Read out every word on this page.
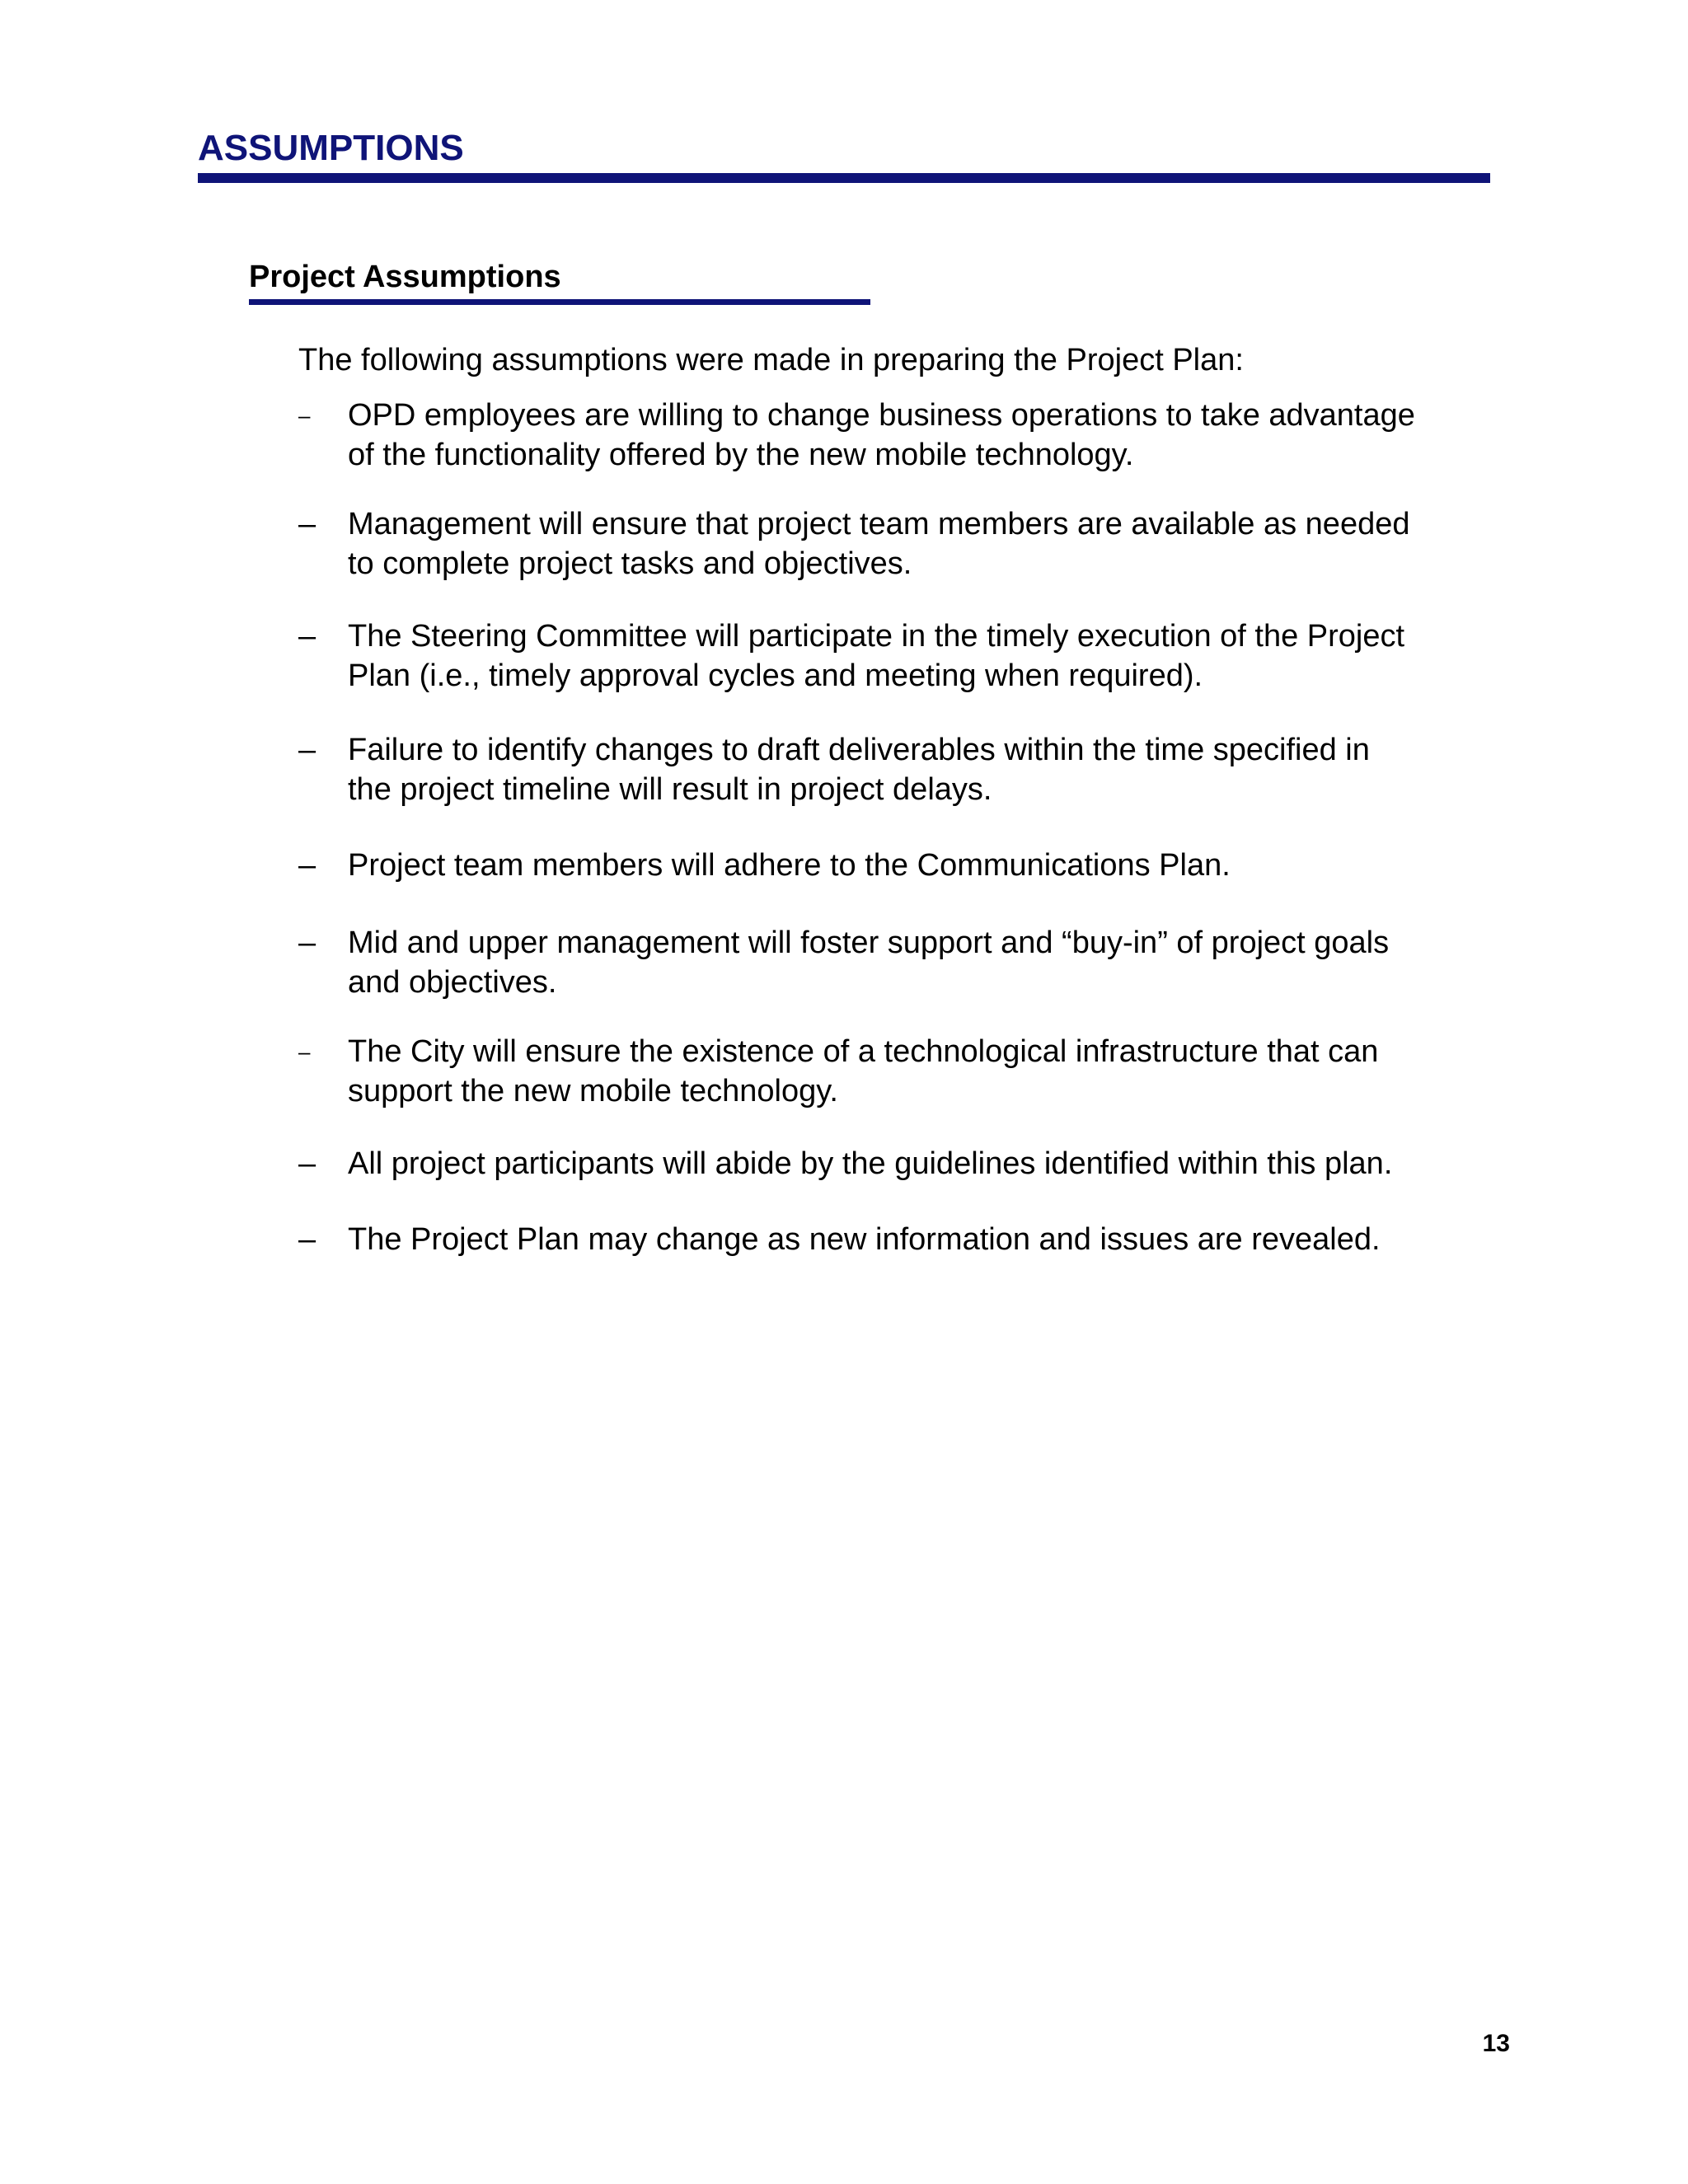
ASSUMPTIONS
Project Assumptions

The following assumptions were made in preparing the Project Plan:

–	OPD employees are willing to change business operations to take advantage
of the functionality offered by the new mobile technology.
–	Management will ensure that project team members are available as needed
to complete project tasks and objectives.
–	The Steering Committee will participate in the timely execution of the Project
Plan (i.e., timely approval cycles and meeting when required).
–	Failure to identify changes to draft deliverables within the time specified in
the project timeline will result in project delays.
–	Project team members will adhere to the Communications Plan.
–	Mid and upper management will foster support and “buy-in” of project goals
and objectives.
–	The City will ensure the existence of a technological infrastructure that can
support the new mobile technology.
–	All project participants will abide by the guidelines identified within this plan.
–	The Project Plan may change as new information and issues are revealed.
13
